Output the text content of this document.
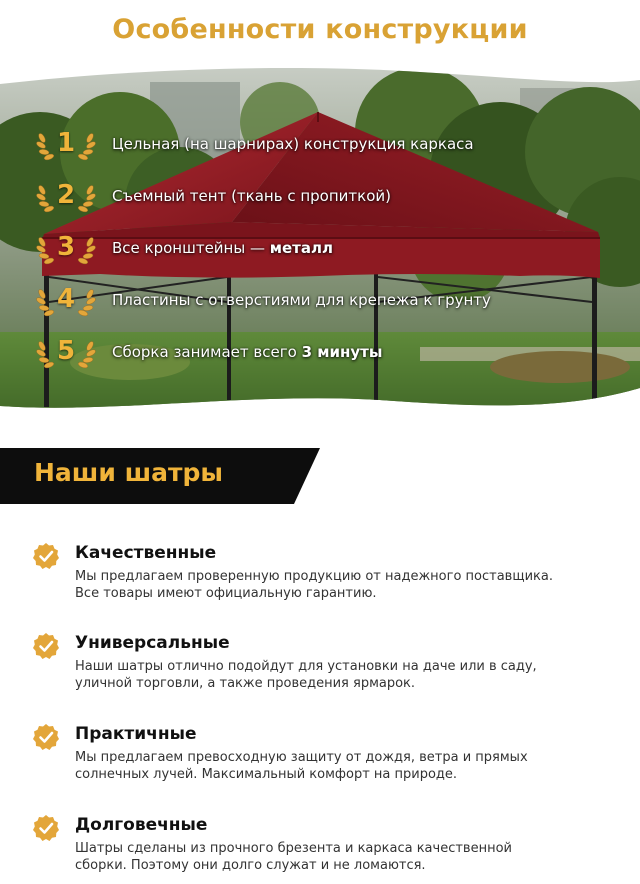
Особенности конструкции
1	Цельная (на шарнирах) конструкция каркаса
2	Съемный тент (ткань с пропиткой)
3	Все кронштейны — металл
4	Пластины с отверстиями для крепежа к грунту
5	Сборка занимает всего 3 минуты
Наши шатры
Качественные

Мы предлагаем проверенную продукцию от надежного поставщика. Все товары имеют официальную гарантию.

Универсальные

Наши шатры отлично подойдут для установки на даче или в саду, уличной торговли, а также проведения ярмарок.

Практичные

Мы предлагаем превосходную защиту от дождя, ветра и прямых солнечных лучей. Максимальный комфорт на природе.

Долговечные

Шатры сделаны из прочного брезента и каркаса качественной сборки. Поэтому они долго служат и не ломаются.
